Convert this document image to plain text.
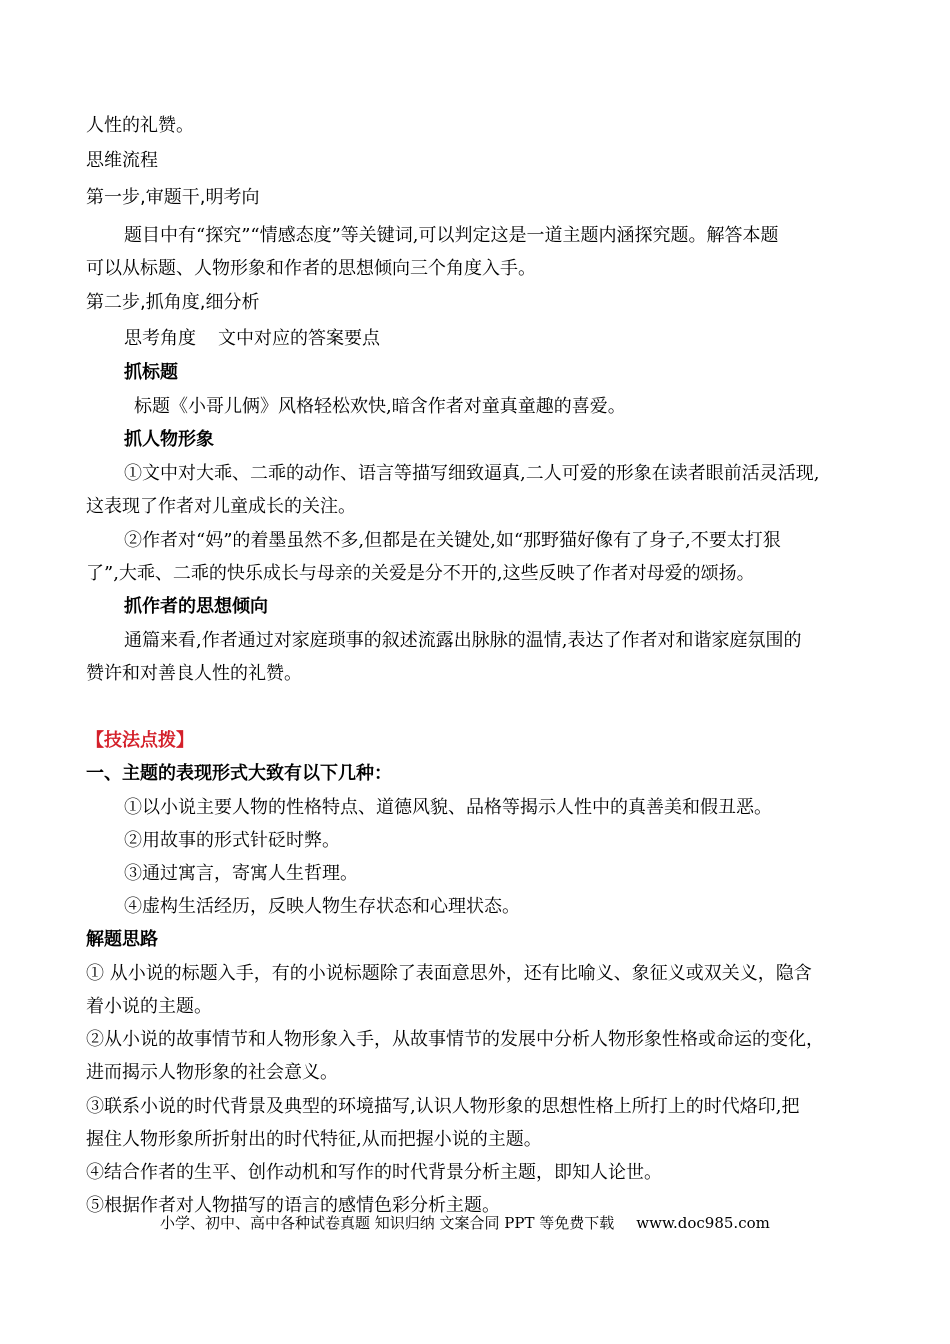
人性的礼赞。
思维流程
第一步,审题干,明考向
题目中有“探究”“情感态度”等关键词,可以判定这是一道主题内涵探究题。解答本题
可以从标题、人物形象和作者的思想倾向三个角度入手。
第二步,抓角度,细分析
思考角度 文中对应的答案要点
抓标题
标题《小哥儿俩》风格轻松欢快,暗含作者对童真童趣的喜爱。
抓人物形象
①文中对大乖、二乖的动作、语言等描写细致逼真,二人可爱的形象在读者眼前活灵活现,
这表现了作者对儿童成长的关注。
②作者对“妈”的着墨虽然不多,但都是在关键处,如“那野猫好像有了身子,不要太打狠
了”,大乖、二乖的快乐成长与母亲的关爱是分不开的,这些反映了作者对母爱的颂扬。
抓作者的思想倾向
通篇来看,作者通过对家庭琐事的叙述流露出脉脉的温情,表达了作者对和谐家庭氛围的
赞许和对善良人性的礼赞。
【技法点拨】
一、主题的表现形式大致有以下几种：
①以小说主要人物的性格特点、道德风貌、品格等揭示人性中的真善美和假丑恶。
②用故事的形式针砭时弊。
③通过寓言，寄寓人生哲理。
④虚构生活经历，反映人物生存状态和心理状态。
解题思路
① 从小说的标题入手，有的小说标题除了表面意思外，还有比喻义、象征义或双关义，隐含
着小说的主题。
②从小说的故事情节和人物形象入手，从故事情节的发展中分析人物形象性格或命运的变化，
进而揭示人物形象的社会意义。
③联系小说的时代背景及典型的环境描写,认识人物形象的思想性格上所打上的时代烙印,把
握住人物形象所折射出的时代特征,从而把握小说的主题。
④结合作者的生平、创作动机和写作的时代背景分析主题，即知人论世。
⑤根据作者对人物描写的语言的感情色彩分析主题。
小学、初中、高中各种试卷真题 知识归纳 文案合同 PPT 等免费下载 www.doc985.com
